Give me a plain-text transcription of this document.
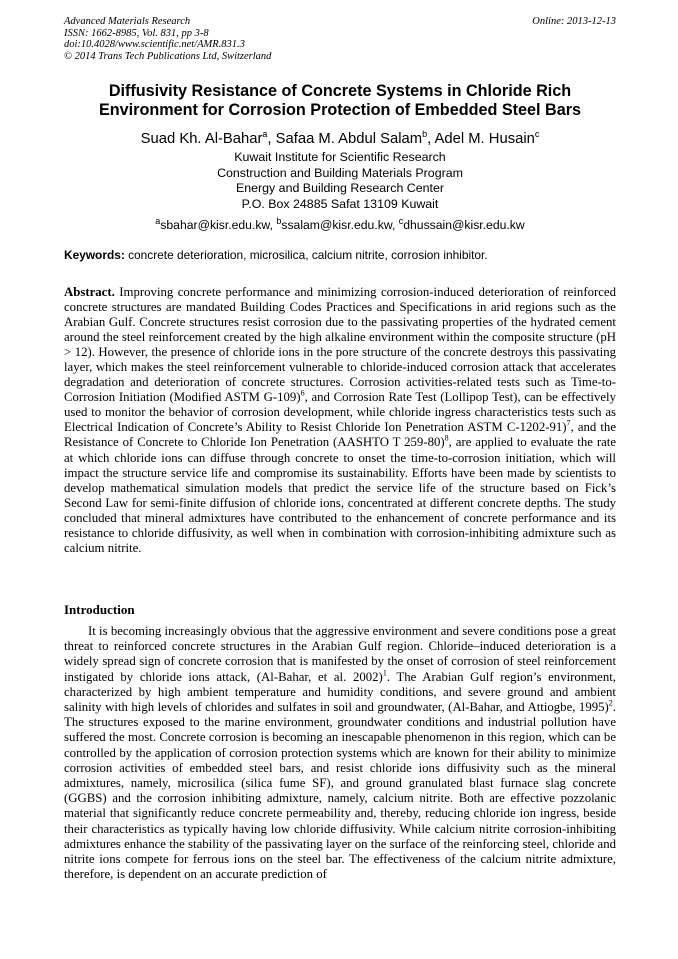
Advanced Materials Research
ISSN: 1662-8985, Vol. 831, pp 3-8
doi:10.4028/www.scientific.net/AMR.831.3
© 2014 Trans Tech Publications Ltd, Switzerland
Online: 2013-12-13
Diffusivity Resistance of Concrete Systems in Chloride Rich
Environment for Corrosion Protection of Embedded Steel Bars
Suad Kh. Al-Bahar$^a$, Safaa M. Abdul Salam$^b$, Adel M. Husain$^c$
Kuwait Institute for Scientific Research
Construction and Building Materials Program
Energy and Building Research Center
P.O. Box 24885 Safat 13109 Kuwait
$^a$sbahar@kisr.edu.kw, $^b$ssalam@kisr.edu.kw, $^c$dhussain@kisr.edu.kw
Keywords: concrete deterioration, microsilica, calcium nitrite, corrosion inhibitor.
Abstract. Improving concrete performance and minimizing corrosion-induced deterioration of reinforced concrete structures are mandated Building Codes Practices and Specifications in arid regions such as the Arabian Gulf. Concrete structures resist corrosion due to the passivating properties of the hydrated cement around the steel reinforcement created by the high alkaline environment within the composite structure (pH > 12). However, the presence of chloride ions in the pore structure of the concrete destroys this passivating layer, which makes the steel reinforcement vulnerable to chloride-induced corrosion attack that accelerates degradation and deterioration of concrete structures. Corrosion activities-related tests such as Time-to-Corrosion Initiation (Modified ASTM G-109)$^6$, and Corrosion Rate Test (Lollipop Test), can be effectively used to monitor the behavior of corrosion development, while chloride ingress characteristics tests such as Electrical Indication of Concrete’s Ability to Resist Chloride Ion Penetration ASTM C-1202-91)$^7$, and the Resistance of Concrete to Chloride Ion Penetration (AASHTO T 259-80)$^8$, are applied to evaluate the rate at which chloride ions can diffuse through concrete to onset the time-to-corrosion initiation, which will impact the structure service life and compromise its sustainability. Efforts have been made by scientists to develop mathematical simulation models that predict the service life of the structure based on Fick’s Second Law for semi-finite diffusion of chloride ions, concentrated at different concrete depths. The study concluded that mineral admixtures have contributed to the enhancement of concrete performance and its resistance to chloride diffusivity, as well when in combination with corrosion-inhibiting admixture such as calcium nitrite.
Introduction

It is becoming increasingly obvious that the aggressive environment and severe conditions pose a great threat to reinforced concrete structures in the Arabian Gulf region. Chloride–induced deterioration is a widely spread sign of concrete corrosion that is manifested by the onset of corrosion of steel reinforcement instigated by chloride ions attack, (Al-Bahar, et al. 2002)$^1$. The Arabian Gulf region’s environment, characterized by high ambient temperature and humidity conditions, and severe ground and ambient salinity with high levels of chlorides and sulfates in soil and groundwater, (Al-Bahar, and Attiogbe, 1995)$^2$. The structures exposed to the marine environment, groundwater conditions and industrial pollution have suffered the most. Concrete corrosion is becoming an inescapable phenomenon in this region, which can be controlled by the application of corrosion protection systems which are known for their ability to minimize corrosion activities of embedded steel bars, and resist chloride ions diffusivity such as the mineral admixtures, namely, microsilica (silica fume SF), and ground granulated blast furnace slag concrete (GGBS) and the corrosion inhibiting admixture, namely, calcium nitrite. Both are effective pozzolanic material that significantly reduce concrete permeability and, thereby, reducing chloride ion ingress, beside their characteristics as typically having low chloride diffusivity. While calcium nitrite corrosion-inhibiting admixtures enhance the stability of the passivating layer on the surface of the reinforcing steel, chloride and nitrite ions compete for ferrous ions on the steel bar. The effectiveness of the calcium nitrite admixture, therefore, is dependent on an accurate prediction of
